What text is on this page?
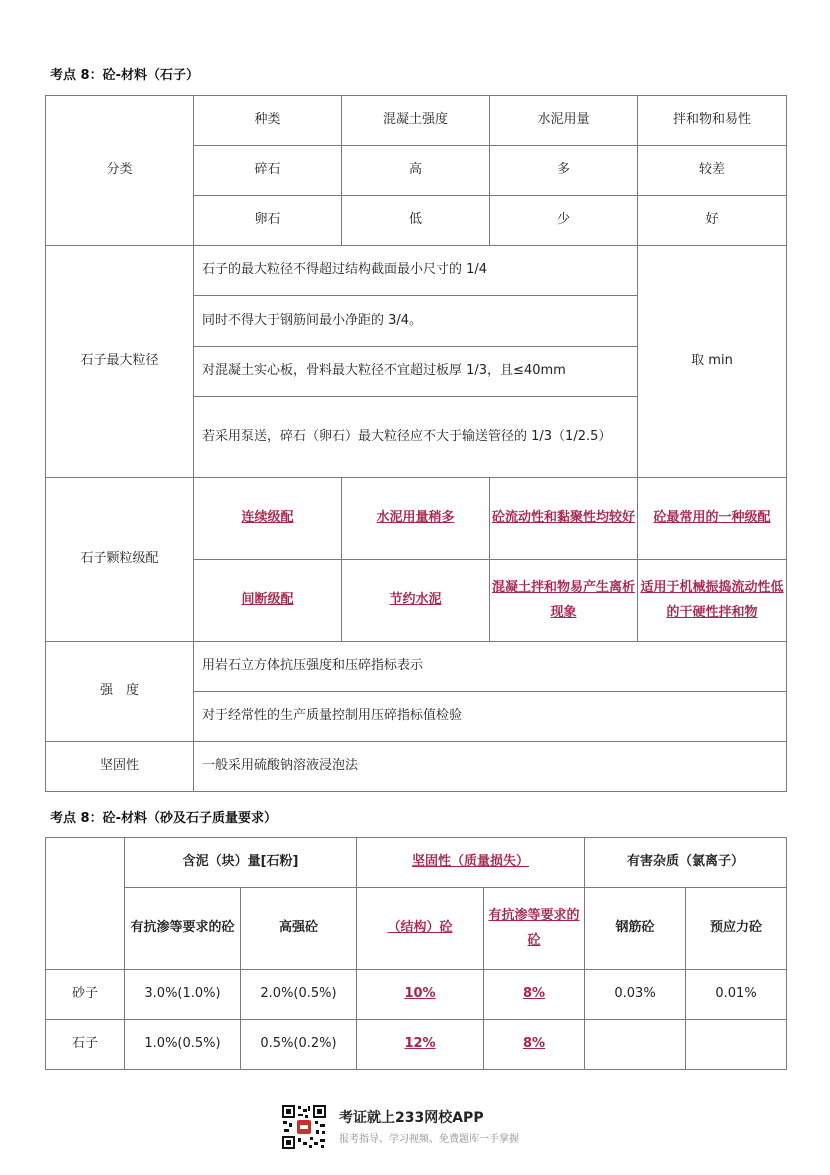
考点 8：砼-材料（石子）
分类	种类	混凝土强度	水泥用量	拌和物和易性
	碎石	高	多	较差
	卵石	低	少	好
石子最大粒径	石子的最大粒径不得超过结构截面最小尺寸的 1/4			取 min
	同时不得大于钢筋间最小净距的 3/4。			
	对混凝土实心板，骨料最大粒径不宜超过板厚 1/3，且≤40mm			
	若采用泵送，碎石（卵石）最大粒径应不大于输送管径的 1/3（1/2.5）			
石子颗粒级配	连续级配	水泥用量稍多	砼流动性和黏聚性均较好	砼最常用的一种级配
	间断级配	节约水泥	混凝土拌和物易产生离析现象	适用于机械振捣流动性低的干硬性拌和物
强　度	用岩石立方体抗压强度和压碎指标表示			
	对于经常性的生产质量控制用压碎指标值检验			
坚固性	一般采用硫酸钠溶液浸泡法			
考点 8：砼-材料（砂及石子质量要求）
	含泥（块）量[石粉]		坚固性（质量损失）		有害杂质（氯离子）	
	有抗渗等要求的砼	高强砼	（结构）砼	有抗渗等要求的砼	钢筋砼	预应力砼
砂子	3.0%(1.0%)	2.0%(0.5%)	10%	8%	0.03%	0.01%
石子	1.0%(0.5%)	0.5%(0.2%)	12%	8%		
考证就上233网校APP
报考指导、学习视频、免费题库一手掌握
